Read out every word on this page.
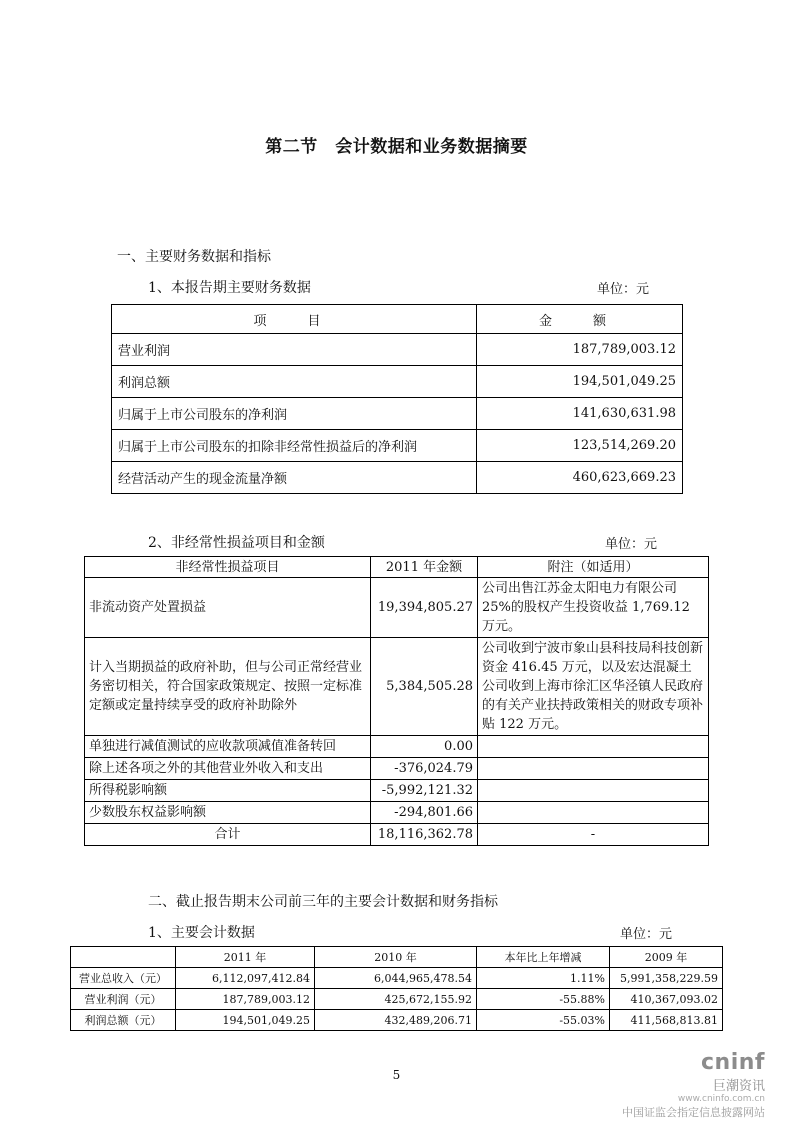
第二节　会计数据和业务数据摘要
一、主要财务数据和指标
1、本报告期主要财务数据	单位：元
项　目	金　额
营业利润	187,789,003.12
利润总额	194,501,049.25
归属于上市公司股东的净利润	141,630,631.98
归属于上市公司股东的扣除非经常性损益后的净利润	123,514,269.20
经营活动产生的现金流量净额	460,623,669.23
2、非经常性损益项目和金额	单位：元
非经常性损益项目	2011 年金额	附注（如适用）
非流动资产处置损益	19,394,805.27	公司出售江苏金太阳电力有限公司25%的股权产生投资收益 1,769.12 万元。
计入当期损益的政府补助，但与公司正常经营业务密切相关，符合国家政策规定、按照一定标准定额或定量持续享受的政府补助除外	5,384,505.28	公司收到宁波市象山县科技局科技创新资金 416.45 万元，以及宏达混凝土公司收到上海市徐汇区华泾镇人民政府的有关产业扶持政策相关的财政专项补贴 122 万元。
单独进行减值测试的应收款项减值准备转回	0.00	
除上述各项之外的其他营业外收入和支出	-376,024.79	
所得税影响额	-5,992,121.32	
少数股东权益影响额	-294,801.66	
合计	18,116,362.78	-
二、截止报告期末公司前三年的主要会计数据和财务指标
1、主要会计数据	单位：元
	2011 年	2010 年	本年比上年增减	2009 年
营业总收入（元）	6,112,097,412.84	6,044,965,478.54	1.11%	5,991,358,229.59
营业利润（元）	187,789,003.12	425,672,155.92	-55.88%	410,367,093.02
利润总额（元）	194,501,049.25	432,489,206.71	-55.03%	411,568,813.81
5	cninf
巨潮资讯
www.cninfo.com.cn
中国证监会指定信息披露网站
